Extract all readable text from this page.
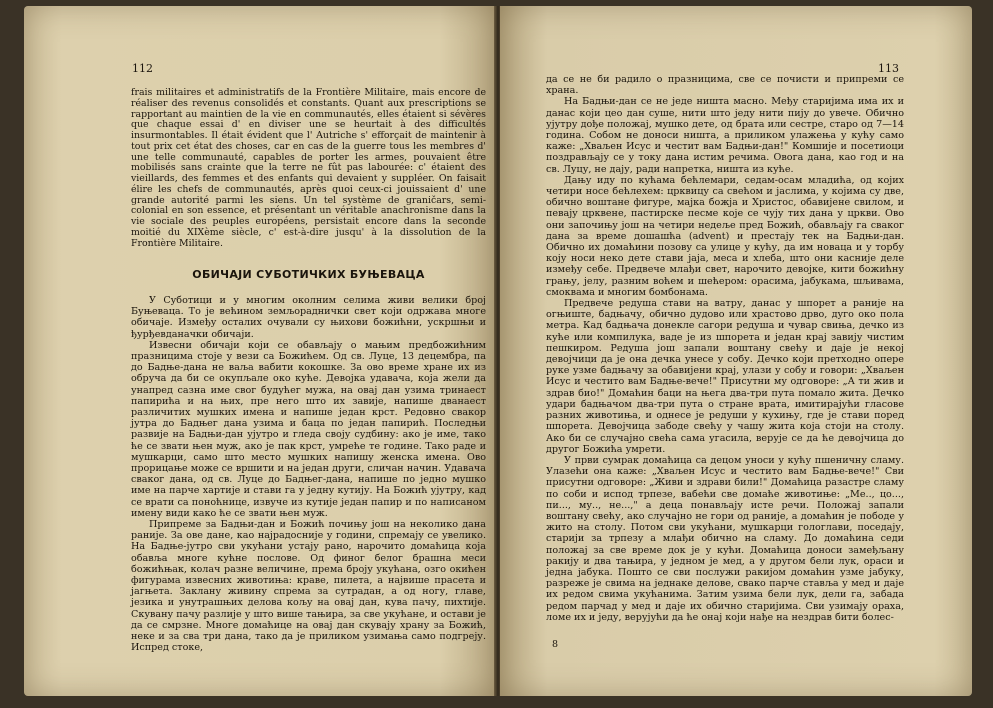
112
frais militaires et administratifs de la Frontière Militaire, mais encore de réaliser des revenus consolidés et constants. Quant aux prescriptions se rapportant au maintien de la vie en communautés, elles étaient si sévères que chaque essai d' en diviser une se heurtait à des difficultés insurmontables. Il était évident que l' Autriche s' efforçait de maintenir à tout prix cet état des choses, car en cas de la guerre tous les membres d' une telle communauté, capables de porter les armes, pouvaient être mobilisés sans crainte que la terre ne fût pas labourée: c' étaient des vieillards, des femmes et des enfants qui devaient y suppléer. On faisait élire les chefs de communautés, après quoi ceux-ci jouissaient d' une grande autorité parmi les siens. Un tel système de graničars, semi-colonial en son essence, et présentant un véritable anachronisme dans la vie sociale des peuples européens, persistait encore dans la seconde moitié du XIXème siècle, c' est-à-dire jusqu' à la dissolution de la Frontière Militaire.
ОБИЧАЈИ СУБОТИЧКИХ БУЊЕВАЦА

У Суботици и у многим околним селима живи велики број Буњеваца. То је већином земљораднички свет који одржава многе обичаје. Између осталих очували су њихови божићни, ускршњи и ђурђевданачки обичаји.

Извесни обичаји који се обављају о мањим предбожићним празницима стоје у вези са Божићем. Од св. Луце, 13 децембра, па до Бадње-дана не ваља вабити кокошке. За ово време хране их из обруча да би се окупљале око куће. Девојка удавача, која жели да унапред сазна име свог будућег мужа, на овај дан узима тринаест папирића и на њих, пре него што их завије, напише дванаест различитих мушких имена и напише један крст. Редовно свакор јутра до Бадњег дана узима и баца по један папирић. Последњи развије на Бадњи-дан ујутро и гледа своју судбину: ако је име, тако ће се звати њен муж, ако је пак крст, умреће те године. Тако раде и мушкарци, само што место мушких напишу женска имена. Ово прорицање може се вршити и на један други, сличан начин. Удавача сваког дана, од св. Луце до Бадњег-дана, напише по једно мушко име на парче хартије и стави га у једну кутију. На Божић ујутру, кад се врати са поноћнице, извуче из кутије један папир и по написаном имену види како ће се звати њен муж.

Припреме за Бадњи-дан и Божић почињу још на неколико дана раније. За ове дане, као најрадосније у години, спремају се увелико. На Бадње-јутро сви укућани устају рано, нарочито домаћица која обавља многе кућне послове. Од финог белог брашна меси божићњак, колач разне величине, према броју укућана, озго окићен фигурама извесних животиња: краве, пилета, а највише прасета и јагњета. Заклану живину спрема за сутрадан, а од ногу, главе, језика и унутрашњих делова кољу на овај дан, кува пачу, пихтије. Скувану пачу разлије у што више тањира, за све укућане, и остави је да се смрзне. Многе домаћице на овај дан скувају храну за Божић, неке и за сва три дана, тако да је приликом узимања само подгреју. Испред стоке,

113

да се не би радило о празницима, све се почисти и припреми се храна.

На Бадњи-дан се не једе ништа масно. Међу старијима има их и данас који цео дан суше, нити што једу нити пију до увече. Обично ујутру дође положај, мушко дете, од брата или сестре, старо од 7—14 година. Собом не доноси ништа, а приликом улажења у кућу само каже: „Хваљен Исус и честит вам Бадњи-дан!" Комшије и посетиоци поздрављају се у току дана истим речима. Овога дана, као год и на св. Луцу, не дају, ради напретка, ништа из куће.

Дању иду по кућама бећлемари, седам-осам младића, од којих четири носе бећлехем: црквицу са свећом и јаслима, у којима су две, обично воштане фигуре, мајка божја и Христос, обавијене свилом, и певају црквене, пастирске песме које се чују тих дана у цркви. Ово они започињу још на четири недеље пред Божић, обављају га сваког дана за време дошашћа (advent) и престају тек на Бадњи-дан. Обично их домаћини позову са улице у кућу, да им новаца и у торбу коју носи неко дете стави јаја, меса и хлеба, што они касније деле између себе. Предвече млађи свет, нарочито девојке, кити божићну грању, јелу, разним воћем и шећером: орасима, јабукама, шљивама, смоквама и многим бомбонама.

Предвече редуша стави на ватру, данас у шпорет а раније на огњиште, бадњачу, обично дудово или храстово дрво, дуго око пола метра. Кад бадњача донекле сагори редуша и чувар свиња, дечко из куће или компилука, ваде је из шпорета и један крај завију чистим пешкиром. Редуша још запали воштану свећу и даје је некој девојчици да је она дечка унесе у собу. Дечко који претходно опере руке узме бадњачу за обавијени крај, улази у собу и говори: „Хваљен Исус и честито вам Бадње-вече!" Присутни му одговоре: „А ти жив и здрав био!" Домаћин баци на њега два-три пута помало жита. Дечко удари бадњачом два-три пута о стране врата, имитирајући гласове разних животиња, и однесе је редуши у кухињу, где је стави поред шпорета. Девојчица забоде свећу у чашу жита која стоји на столу. Ако би се случајно свећа сама угасила, верује се да ће девојчица до другог Божића умрети.

У први сумрак домаћица са децом уноси у кућу пшеничну сламу. Улазећи она каже: „Хваљен Исус и честито вам Бадње-вече!" Сви присутни одговоре: „Живи и здрави били!" Домаћица разастре сламу по соби и испод трпезе, вабећи све домаће животиње: „Ме.., цо..., пи..., му.., не...," а деца понављају исте речи. Положај запали воштану свећу, ако случајно не гори од раније, а домаћин је пободе у жито на столу. Потом сви укућани, мушкарци гологлави, поседају, старији за трпезу а млађи обично на сламу. До домаћина седи положај за све време док је у кући. Домаћица доноси замеђљану ракију и два тањира, у једном је мед, а у другом бели лук, ораси и једна јабука. Пошто се сви послужи ракијом домаћин узме јабуку, разреже је свима на једнаке делове, свако парче стављa у мед и даје их редом свима укућанима. Затим узима бели лук, дели га, забада редом парчад у мед и даје их обично старијима. Сви узимају ораха, ломе их и једу, верујући да ће онај који нађе на нездрав бити болес-

8
